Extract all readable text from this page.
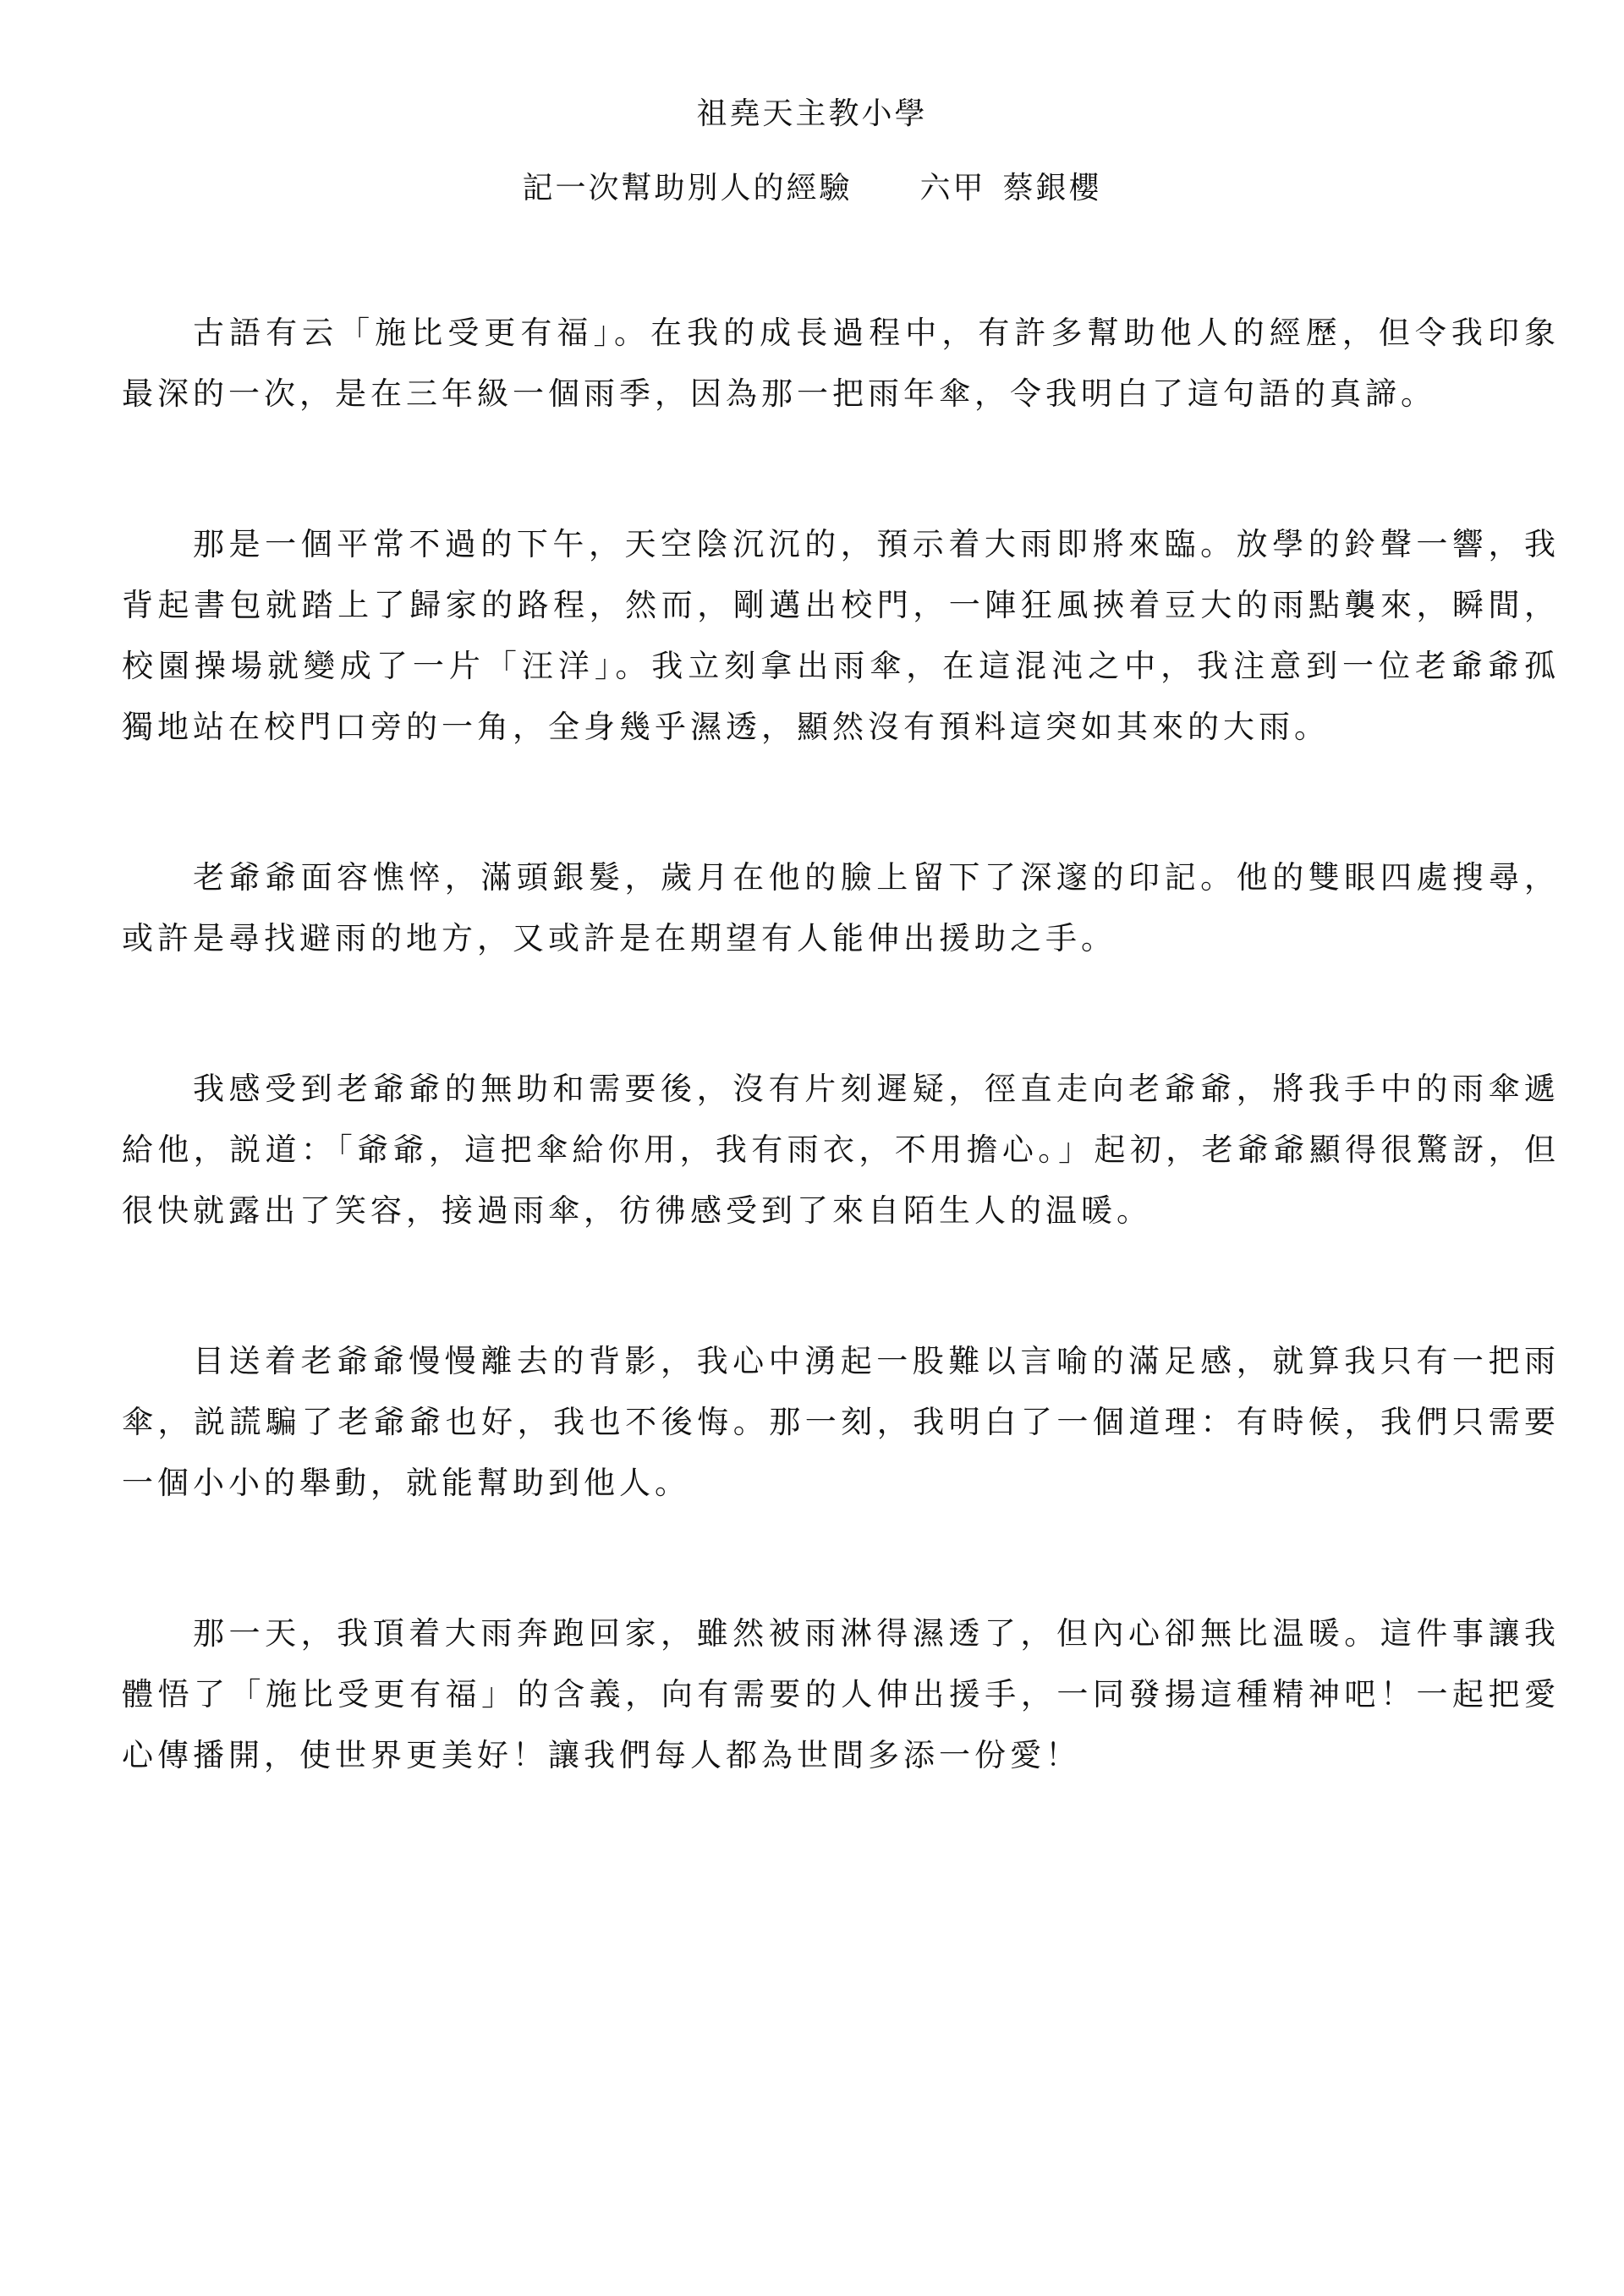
祖堯天主教小學
記一次幫助別人的經驗 六甲 蔡銀櫻

古語有云「施比受更有福」。在我的成長過程中，有許多幫助他人的經歷，但令我印象最深的一次，是在三年級一個雨季，因為那一把雨年傘，令我明白了這句語的真諦。

那是一個平常不過的下午，天空陰沉沉的，預示着大雨即將來臨。放學的鈴聲一響，我背起書包就踏上了歸家的路程，然而，剛邁出校門，一陣狂風挾着豆大的雨點襲來，瞬間，校園操場就變成了一片「汪洋」。我立刻拿出雨傘，在這混沌之中，我注意到一位老爺爺孤獨地站在校門口旁的一角，全身幾乎濕透，顯然沒有預料這突如其來的大雨。

老爺爺面容憔悴，滿頭銀髮，歲月在他的臉上留下了深邃的印記。他的雙眼四處搜尋，或許是尋找避雨的地方，又或許是在期望有人能伸出援助之手。

我感受到老爺爺的無助和需要後，沒有片刻遲疑，徑直走向老爺爺，將我手中的雨傘遞給他，説道：「爺爺，這把傘給你用，我有雨衣，不用擔心。」起初，老爺爺顯得很驚訝，但很快就露出了笑容，接過雨傘，彷彿感受到了來自陌生人的温暖。

目送着老爺爺慢慢離去的背影，我心中湧起一股難以言喻的滿足感，就算我只有一把雨傘，説謊騙了老爺爺也好，我也不後悔。那一刻，我明白了一個道理：有時候，我們只需要一個小小的舉動，就能幫助到他人。

那一天，我頂着大雨奔跑回家，雖然被雨淋得濕透了，但內心卻無比温暖。這件事讓我體悟了「施比受更有福」的含義，向有需要的人伸出援手，一同發揚這種精神吧！一起把愛心傳播開，使世界更美好！讓我們每人都為世間多添一份愛！
